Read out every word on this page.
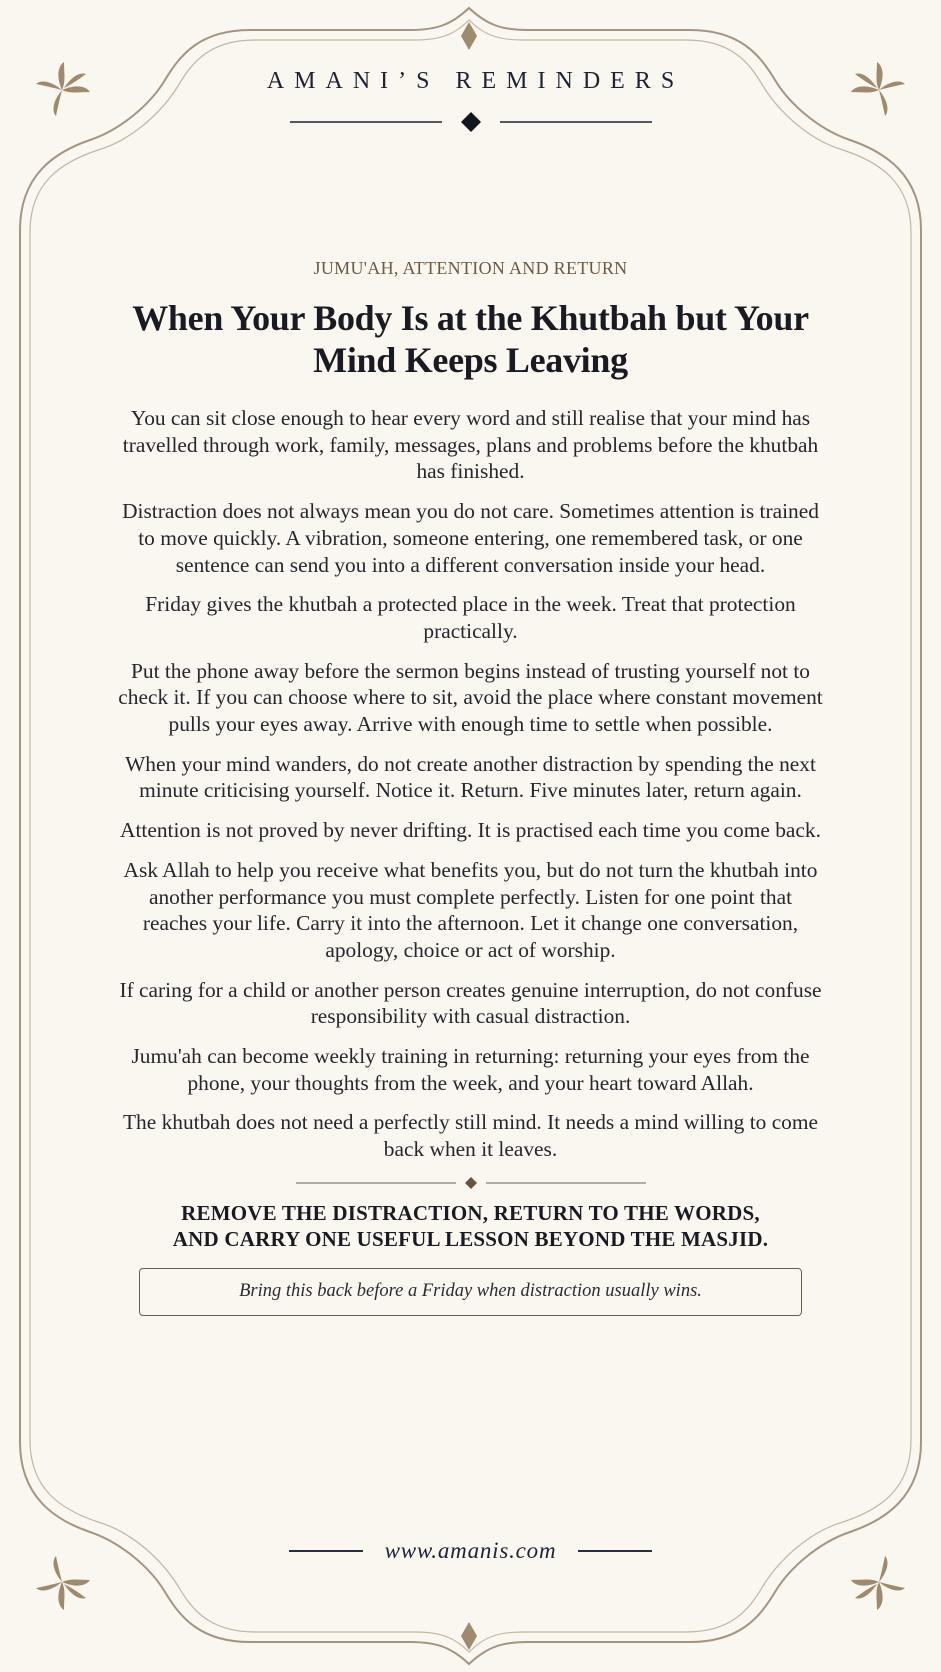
AMANI’S REMINDERS
JUMU'AH, ATTENTION AND RETURN
When Your Body Is at the Khutbah but Your
Mind Keeps Leaving

You can sit close enough to hear every word and still realise that your mind has travelled through work, family, messages, plans and problems before the khutbah has finished.

Distraction does not always mean you do not care. Sometimes attention is trained to move quickly. A vibration, someone entering, one remembered task, or one sentence can send you into a different conversation inside your head.

Friday gives the khutbah a protected place in the week. Treat that protection practically.

Put the phone away before the sermon begins instead of trusting yourself not to check it. If you can choose where to sit, avoid the place where constant movement pulls your eyes away. Arrive with enough time to settle when possible.

When your mind wanders, do not create another distraction by spending the next minute criticising yourself. Notice it. Return. Five minutes later, return again.

Attention is not proved by never drifting. It is practised each time you come back.

Ask Allah to help you receive what benefits you, but do not turn the khutbah into another performance you must complete perfectly. Listen for one point that reaches your life. Carry it into the afternoon. Let it change one conversation, apology, choice or act of worship.

If caring for a child or another person creates genuine interruption, do not confuse responsibility with casual distraction.

Jumu'ah can become weekly training in returning: returning your eyes from the phone, your thoughts from the week, and your heart toward Allah.

The khutbah does not need a perfectly still mind. It needs a mind willing to come back when it leaves.

REMOVE THE DISTRACTION, RETURN TO THE WORDS,
AND CARRY ONE USEFUL LESSON BEYOND THE MASJID.
Bring this back before a Friday when distraction usually wins.
www.amanis.com
